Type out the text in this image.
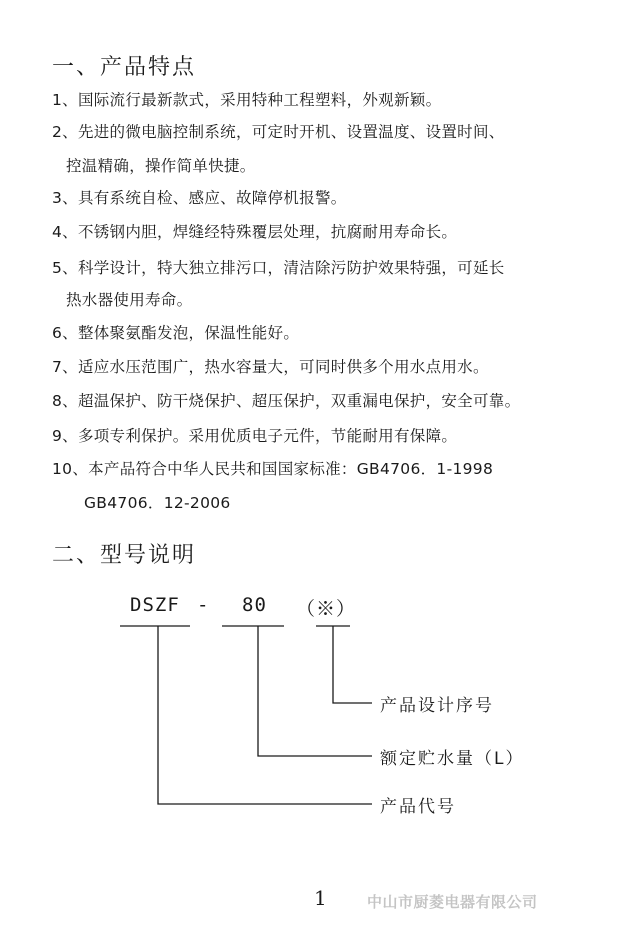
一、产品特点
1、国际流行最新款式，采用特种工程塑料，外观新颖。
2、先进的微电脑控制系统，可定时开机、设置温度、设置时间、
控温精确，操作简单快捷。
3、具有系统自检、感应、故障停机报警。
4、不锈钢内胆，焊缝经特殊覆层处理，抗腐耐用寿命长。
5、科学设计，特大独立排污口，清洁除污防护效果特强，可延长
热水器使用寿命。
6、整体聚氨酯发泡，保温性能好。
7、适应水压范围广，热水容量大，可同时供多个用水点用水。
8、超温保护、防干烧保护、超压保护，双重漏电保护，安全可靠。
9、多项专利保护。采用优质电子元件，节能耐用有保障。
10、本产品符合中华人民共和国国家标准：GB4706．1-1998
GB4706．12-2006
二、型号说明
DSZF - 80 （※）
产品设计序号
额定贮水量（L）
产品代号
1	中山市厨菱电器有限公司
